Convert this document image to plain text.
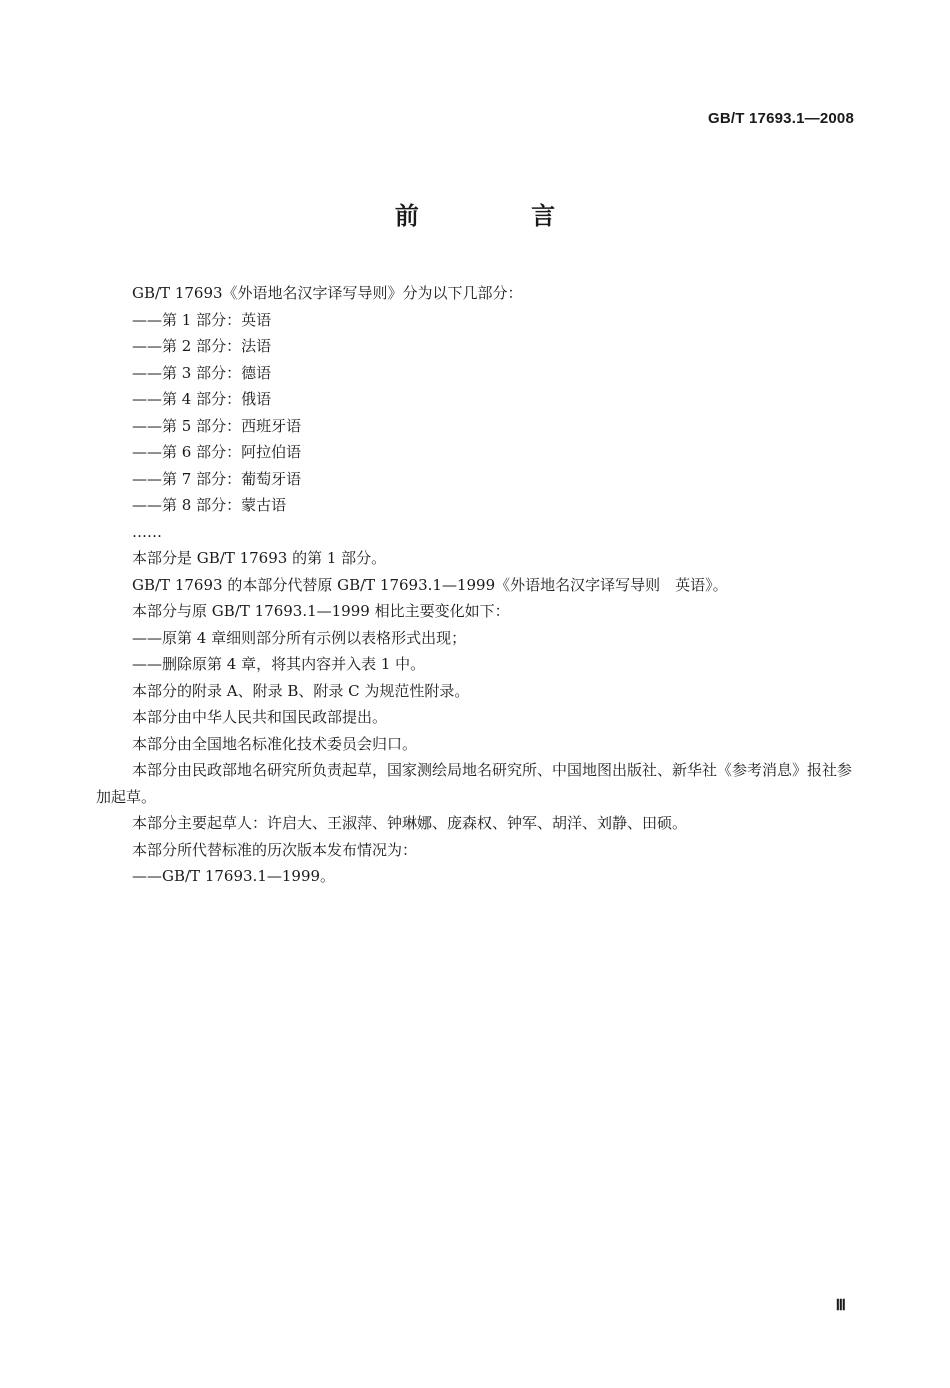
GB/T 17693.1—2008
前 言
GB/T 17693《外语地名汉字译写导则》分为以下几部分：
——第 1 部分：英语
——第 2 部分：法语
——第 3 部分：德语
——第 4 部分：俄语
——第 5 部分：西班牙语
——第 6 部分：阿拉伯语
——第 7 部分：葡萄牙语
——第 8 部分：蒙古语
……
本部分是 GB/T 17693 的第 1 部分。
GB/T 17693 的本部分代替原 GB/T 17693.1—1999《外语地名汉字译写导则　英语》。
本部分与原 GB/T 17693.1—1999 相比主要变化如下：
——原第 4 章细则部分所有示例以表格形式出现；
——删除原第 4 章，将其内容并入表 1 中。
本部分的附录 A、附录 B、附录 C 为规范性附录。
本部分由中华人民共和国民政部提出。
本部分由全国地名标准化技术委员会归口。
本部分由民政部地名研究所负责起草，国家测绘局地名研究所、中国地图出版社、新华社《参考消息》报社参加起草。
本部分主要起草人：许启大、王淑萍、钟琳娜、庞森权、钟军、胡洋、刘静、田硕。
本部分所代替标准的历次版本发布情况为：
——GB/T 17693.1—1999。
Ⅲ
